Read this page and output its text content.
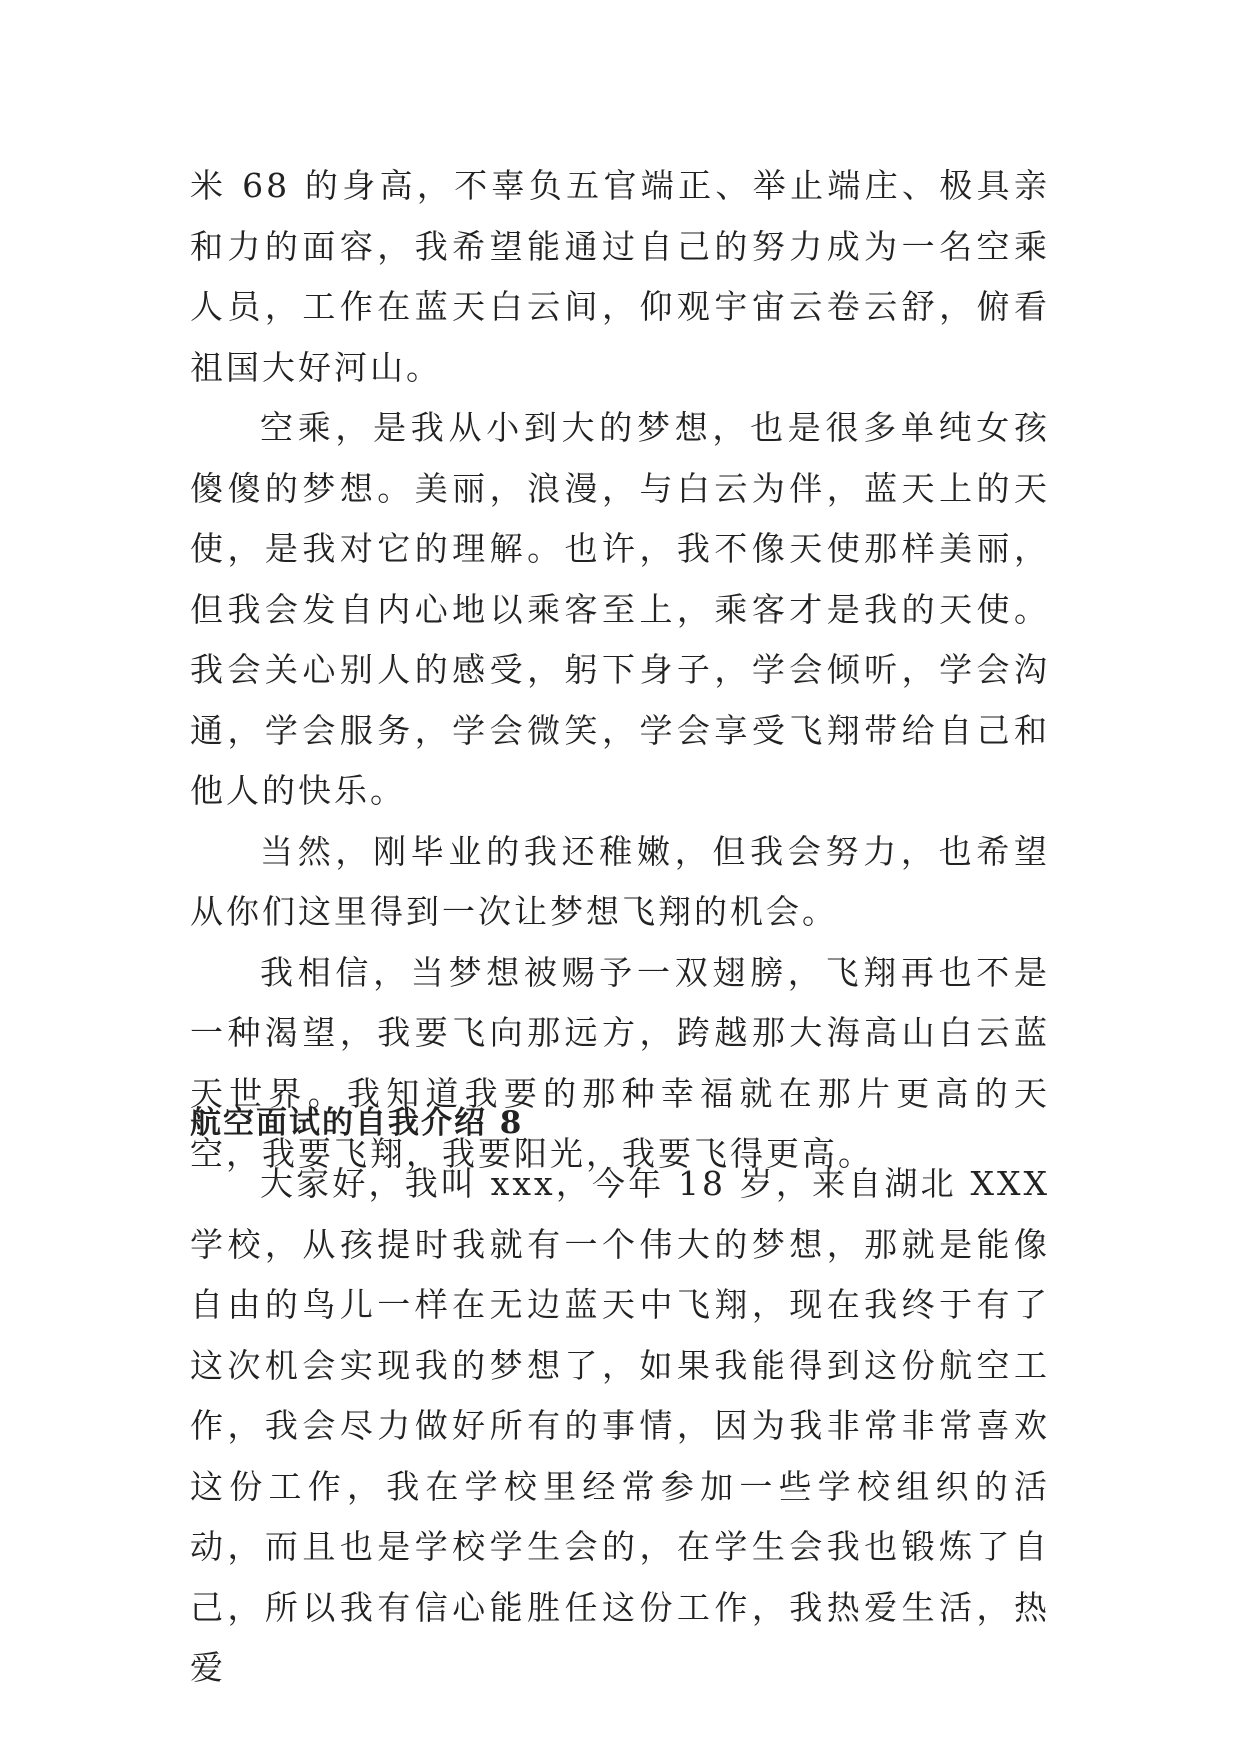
米 68 的身高，不辜负五官端正、举止端庄、极具亲和力的面容，我希望能通过自己的努力成为一名空乘人员，工作在蓝天白云间，仰观宇宙云卷云舒，俯看祖国大好河山。

空乘，是我从小到大的梦想，也是很多单纯女孩傻傻的梦想。美丽，浪漫，与白云为伴，蓝天上的天使，是我对它的理解。也许，我不像天使那样美丽，但我会发自内心地以乘客至上，乘客才是我的天使。我会关心别人的感受，躬下身子，学会倾听，学会沟通，学会服务，学会微笑，学会享受飞翔带给自己和他人的快乐。

当然，刚毕业的我还稚嫩，但我会努力，也希望从你们这里得到一次让梦想飞翔的机会。

我相信，当梦想被赐予一双翅膀，飞翔再也不是一种渴望，我要飞向那远方，跨越那大海高山白云蓝天世界。我知道我要的那种幸福就在那片更高的天空，我要飞翔，我要阳光，我要飞得更高。

航空面试的自我介绍 8

大家好，我叫 xxx，今年 18 岁，来自湖北 XXX 学校，从孩提时我就有一个伟大的梦想，那就是能像自由的鸟儿一样在无边蓝天中飞翔，现在我终于有了这次机会实现我的梦想了，如果我能得到这份航空工作，我会尽力做好所有的事情，因为我非常非常喜欢这份工作，我在学校里经常参加一些学校组织的活动，而且也是学校学生会的，在学生会我也锻炼了自己，所以我有信心能胜任这份工作，我热爱生活，热爱
